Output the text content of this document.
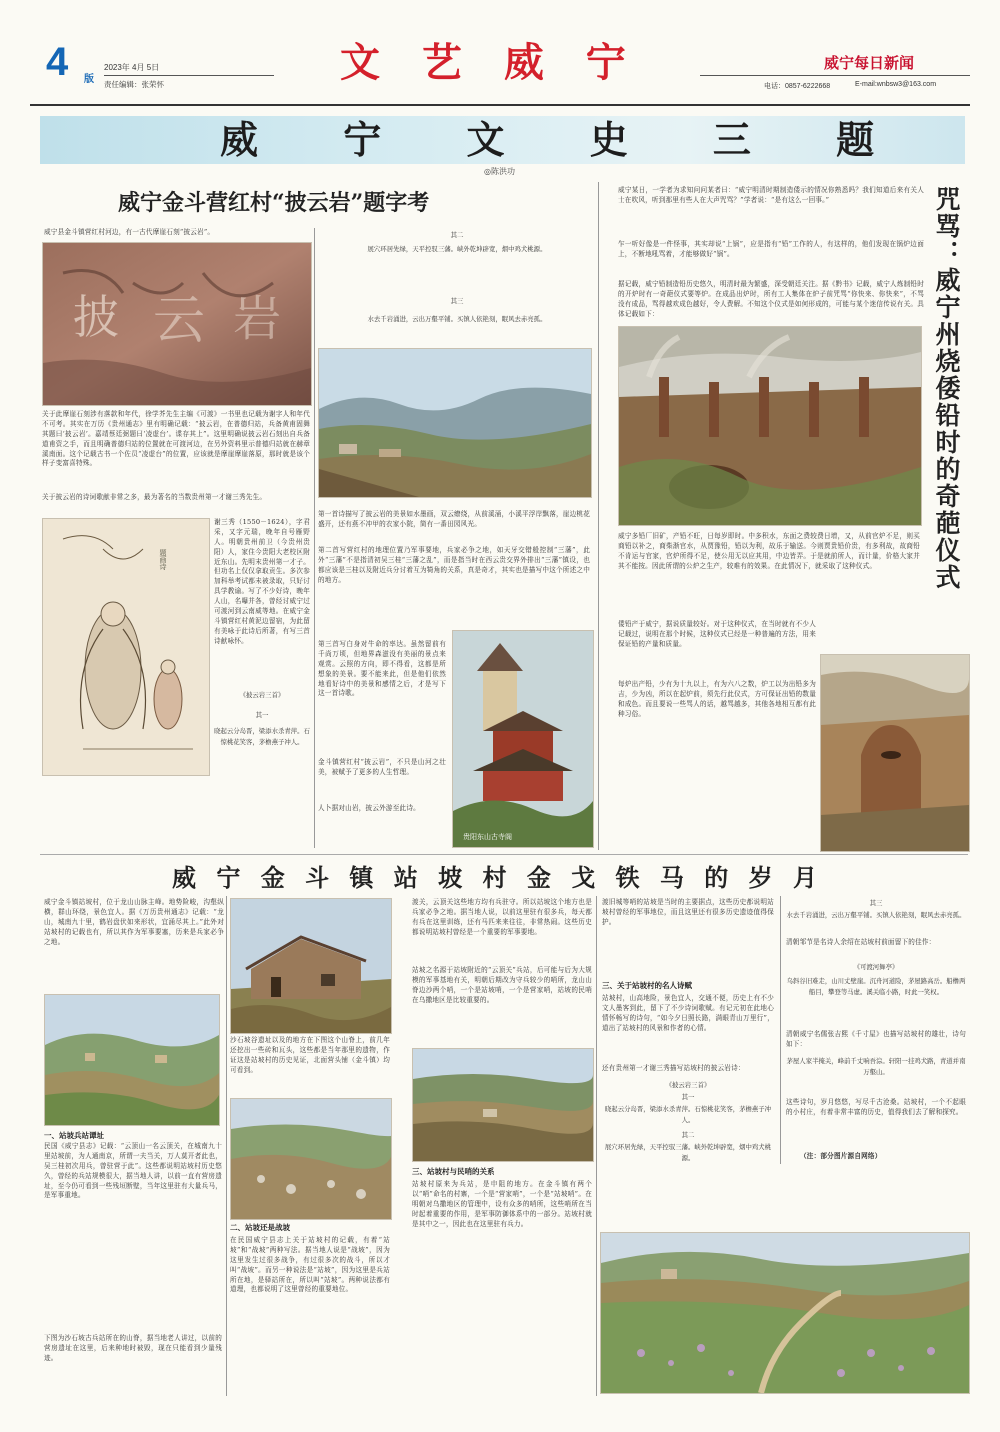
4 版
2023年 4月 5日
责任编辑：张荣怀	文 艺 威 宁	威宁每日新闻
电话：0857-6222668	E-mail:wnbsw3@163.com
威 宁 文 史 三 题
◎陈洪功
威宁金斗营红村“披云岩”题字考
威宁县金斗镇营红村河边，有一古代摩崖石刻“披云岩”。
披 云 岩
关于此摩崖石刻涉有落款和年代，徐学芥先生主编《可渡》一书里也记载为谢字人和年代不可考。其实在万历《贵州通志》里有明确记载：“披云岩，在普德归站，兵备黄甫固舞其题曰‘披云岩’。嘉靖蔡廷弼题曰‘凌虚台’。谍存其上”。这里明确说披云岩石刻出自兵备道甫资之手，而且明确普德归站的位置就在可渡河边，在另外资料里示普德归站就在赫章溪南面。这个记载古书一个佐员“凌虚台”的位置，应该就是摩崖摩崖落原，那时就是该个样子变富喜特殊。
关于披云岩的诗词歌献非常之多，最为著名的当数贵州第一才谢三秀先生。
题画诗
谢三秀（1550－1624），字君采，又字元瑞，晚年自号雁野人。明朝贵州前卫（今贵州贵阳）人，家住今贵阳大老校区附近东山。先明末贵州第一才子。但功名上仅仅拿取贡生。多次参加科举考试都未被录取，只好讨具学教谕。写了不少好诗，晚年人山，名曝并各，曾经讨威宁过可渡河到云南威等地。在威宁金斗镇营红村黄泥边留宿，为此留有美咏于此诗后所著，有写三首诗献咏怀。
《披云岩三首》
其一
晓起云分岛晋，梁添水杀青萍。石惊桃花笑客，茅檐燕子冲人。
其二
展穴环居先绿，天平控驭三藩。峡外乾坤辟宽，烟中鸡犬桃源。
其三
水去千岩涌进，云出万壑平铺。买镇人依艳刻，眠风去赤亮孤。
第一首诗描写了披云岩的美景如水墨画，双云缭绕，从前溪涌，小溪平浮岸飘落，崖边桃花盛开，还有燕不冲甲的衣家小院，简有一番田园风光。
第二首写营红村的地理位置乃军事要地，兵家必争之地，如天牙交错般控制“三藩”，此外“三藩”不是指清初吴三桂“三藩之乱”，而是指当时在西云贵交界外排出“三藩”镇设，也都应该是三桂以及附近兵分讨着互为犄角的关系，真是奇才，其实也是描写中这个所述之中的地方。
第三首写白身对牛命的率达。虽然留前有千尚万顷，但地界森滋没有美丽的景点来观赏。云照的方向，即不得看，这都是所想象的美景。要不能来此，但是他们依然地看好诗中的美景和感情之后，才是写下这一首诗歌。
金斗镇营红村“披云岩”，不只是山河之壮美，被赋予了更多的人生哲理。
人卜据对山岩，披云外游至此诗。
贵阳东山古寺阁
咒骂：威宁州烧倭铅时的奇葩仪式
威宁某日，一学者为求知问问某者曰：“威宁明清时期制造倭示的情况你熟悉吗？我们知道后来有关人士在吹风，听到那里有些人在大声咒骂？”学者说：“是有这么一回事。”
乍一听好像是一件怪事，其实却说“上锅”，应是指有“铅”工作的人，有这样的，他们发现在锅炉边面上，不断地吼骂着，才能够做好“锅”。
据记载，威宁铅制造铅历史悠久，明清时最为繁盛，深受朝廷关注。据《黔书》记载，威宁人炼制铅时的开炉时有一奇葩仪式要等炉。在成品出炉时，所有工人集体在炉子前咒骂“你快来、你快来”，不骂没有成品，骂得越欢成色越好，令人费解。不知这个仪式是如何形成的，可能与某个迷信传说有关。具体记载如下：
威宁多铅厂旧矿，产铅不旺，日每岁即时。中多积水，东面之费较费日增，又，从前官炉不足，则买商铅以补之，商柴渐官水，从贾豫铅，铅以为利，故乐于输送。今则贾贵铅价贵，有多利故，故商铅不肯运与官家，官炉所得不足，使公用无以应其用，中边皆弄。于是就前所人，而计量，价格大家并其不能按。因此所谓的公炉之生产，较难有的效果。在此情况下，就采取了这种仪式。
倭铅产于威宁，据说质量较好。对于这种仪式，在当时就有不少人记载过，说明在那个时候，这种仪式已经是一种普遍的方法，用来保证铅的产量和质量。
每炉出产铅，少有为十九以上，有为六八之数，炉工以为出铅多为吉，少为凶，所以在起炉前，须先行此仪式，方可保证出铅的数量和成色。而且要说一些骂人的话，越骂越多，其他各地相互都有此种习俗。
威 宁 金 斗 镇 站 坡 村 金 戈 铁 马 的 岁 月
威宁金斗镇站坡村，位于龙山山脉主峰。地势险峻，沟壑纵横，群山环绕，景色宜人。据《万历贵州通志》记载：“龙山，城南九十里，鹤岩盘伏如来形状，宜涌尽其上。”此外对站坡村的记载也有，所以其作为军事要塞，历来是兵家必争之地。
一、站坡兵站谭址
民国《威宁县志》记载：“云顶山一名云顶关，在城南九十里站坡前，为人通南京，所谓一夫当关，万人莫开者此也，吴三桂初次用兵，曾驻营于此”。这些都说明站坡村历史悠久，曾经的兵站规模很大，据当地人讲，以前一直有营房遗址，至今仍可看到一些残垣断壁，当年这里驻有大量兵马，是军事重地。
下图为沙石坡古兵站所在的山脊，据当地老人讲过，以前的营房遗址在这里，后来种地时被毁，现在只能看到少量残迹。
沙石坡谷遗址以及的地方在下图这个山脊上，前几年还挖出一些砖和瓦头，这些都是当年那里的遗物，作证这是站坡村的历史见证，北面营头铺（金斗镇）均可看到。
二、站坡还是战坡
在民国威宁县志上关于站坡村的记载，有着“站坡”和“战坡”两种写法。据当地人说是“战坡”，因为这里发生过很多战争，有过很多次的战斗，所以才叫“战坡”。而另一种说法是“站坡”，因为这里是兵站所在地，是驿站所在，所以叫“站坡”。两种说法都有道理，也都说明了这里曾经的重要地位。
渡关，云顶关这些地方均有兵驻守。所以站坡这个地方也是兵家必争之地。据当地人说，以前这里驻有很多兵，每天都有兵在这里训练，还有马匹来来往往，非常热闹。这些历史都说明站坡村曾经是一个重要的军事要地。
站坡之名源于站坡附近的“云顶关”兵站，后可能与后为大规模的军事基地有关，明朝后期改为守兵较少的哨所，龙山山脊边沙两个哨，一个是站坡哨，一个是营家哨，站坡的民哨在乌撒地区是比较重要的。
三、站坡村与民哨的关系
站坡村原来为兵站，是申阻的地方。在金斗镇有两个以“哨”命名的村寨，一个是“营家哨”，一个是“站坡哨”。在明朝对乌撒地区的管理中，设有众多的哨所，这些哨所在当时起着重要的作用，是军事防御体系中的一部分。站坡村就是其中之一，因此也在这里驻有兵力。
渡旧城等哨的站坡是当时的主要据点，这些历史都说明站坡村曾经的军事地位，而且这里还有很多历史遗迹值得保护。
三、关于站坡村的名人诗赋
站坡村，山高地险，景色宜人，交通不便，历史上有不少文人墨客到此，留下了不少诗词歌赋。有记元初在此地心情怀畅写的诗句，“如今夕日照长路，满眼青山万里行”，道出了站坡村的风景和作者的心情。
还有贵州第一才谢三秀描写站坡村的披云岩诗：
《披云岩三首》
其一
晓起云分岛晋，梁添水杀青萍。石惊桃花笑客，茅檐燕子冲人。
其二
展穴环居先绿，天平控驭三藩。峡外乾坤辟宽，烟中鸡犬桃源。
其三
水去千岩涌进，云出万壑平铺。买镇人依艳刻，眠风去赤亮孤。
清朝邹节是名诗人余绍在站坡村前面留下的佳作：
《可渡河舞亭》
乌斜谷旧难走，山川丈壁崖。沉舟河道险，茅屋路高岳。船橹两船目，攀登等马虚。溪关临小路，时此一笑权。
清朝威宁名儒张吉熙《千寸屋》也描写站坡村的雄壮，诗句如下：
茅屋人家半掩关，峰前千丈响吾淙。轩阳一挂鸡犬路，青道并南万壑山。
这些诗句，岁月悠悠，写尽千古沧桑。站坡村，一个不起眼的小村庄，有着非常丰富的历史，值得我们去了解和探究。
（注：部分图片源自网络）
